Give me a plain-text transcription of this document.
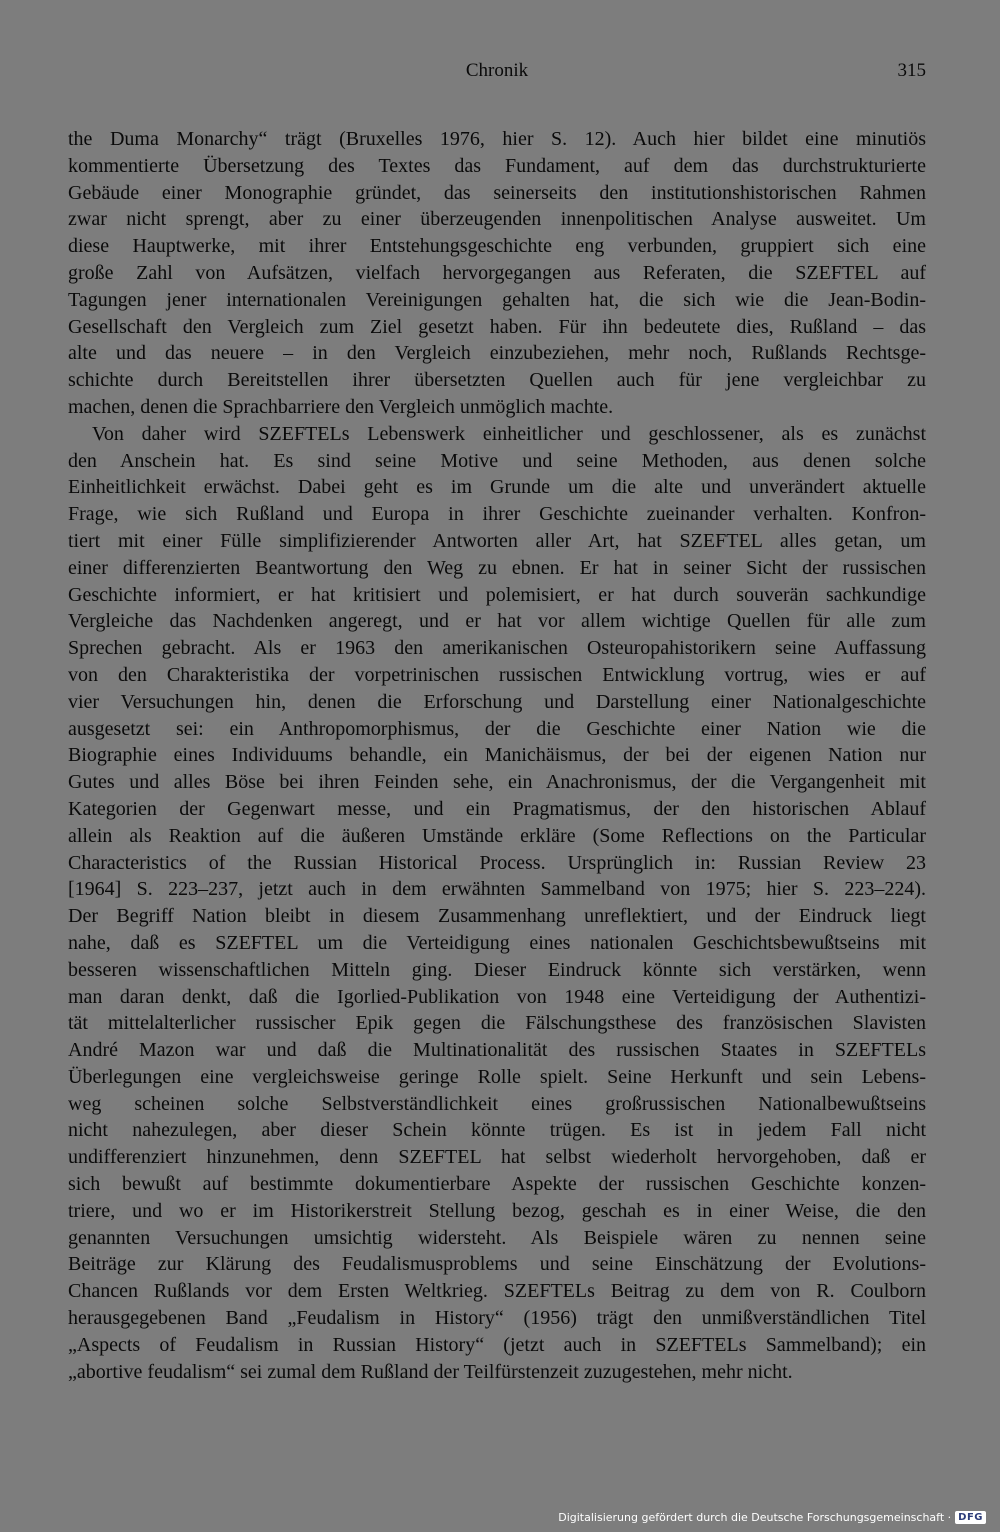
Chronik	315
the Duma Monarchy“ trägt (Bruxelles 1976, hier S. 12). Auch hier bildet eine minutiös
kommentierte Übersetzung des Textes das Fundament, auf dem das durchstrukturierte
Gebäude einer Monographie gründet, das seinerseits den institutionshistorischen Rahmen
zwar nicht sprengt, aber zu einer überzeugenden innenpolitischen Analyse ausweitet. Um
diese Hauptwerke, mit ihrer Entstehungsgeschichte eng verbunden, gruppiert sich eine
große Zahl von Aufsätzen, vielfach hervorgegangen aus Referaten, die SZEFTEL auf
Tagungen jener internationalen Vereinigungen gehalten hat, die sich wie die Jean-Bodin-
Gesellschaft den Vergleich zum Ziel gesetzt haben. Für ihn bedeutete dies, Rußland – das
alte und das neuere – in den Vergleich einzubeziehen, mehr noch, Rußlands Rechtsge-
schichte durch Bereitstellen ihrer übersetzten Quellen auch für jene vergleichbar zu
machen, denen die Sprachbarriere den Vergleich unmöglich machte.
Von daher wird SZEFTELs Lebenswerk einheitlicher und geschlossener, als es zunächst
den Anschein hat. Es sind seine Motive und seine Methoden, aus denen solche
Einheitlichkeit erwächst. Dabei geht es im Grunde um die alte und unverändert aktuelle
Frage, wie sich Rußland und Europa in ihrer Geschichte zueinander verhalten. Konfron-
tiert mit einer Fülle simplifizierender Antworten aller Art, hat SZEFTEL alles getan, um
einer differenzierten Beantwortung den Weg zu ebnen. Er hat in seiner Sicht der russischen
Geschichte informiert, er hat kritisiert und polemisiert, er hat durch souverän sachkundige
Vergleiche das Nachdenken angeregt, und er hat vor allem wichtige Quellen für alle zum
Sprechen gebracht. Als er 1963 den amerikanischen Osteuropahistorikern seine Auffassung
von den Charakteristika der vorpetrinischen russischen Entwicklung vortrug, wies er auf
vier Versuchungen hin, denen die Erforschung und Darstellung einer Nationalgeschichte
ausgesetzt sei: ein Anthropomorphismus, der die Geschichte einer Nation wie die
Biographie eines Individuums behandle, ein Manichäismus, der bei der eigenen Nation nur
Gutes und alles Böse bei ihren Feinden sehe, ein Anachronismus, der die Vergangenheit mit
Kategorien der Gegenwart messe, und ein Pragmatismus, der den historischen Ablauf
allein als Reaktion auf die äußeren Umstände erkläre (Some Reflections on the Particular
Characteristics of the Russian Historical Process. Ursprünglich in: Russian Review 23
[1964] S. 223–237, jetzt auch in dem erwähnten Sammelband von 1975; hier S. 223–224).
Der Begriff Nation bleibt in diesem Zusammenhang unreflektiert, und der Eindruck liegt
nahe, daß es SZEFTEL um die Verteidigung eines nationalen Geschichtsbewußtseins mit
besseren wissenschaftlichen Mitteln ging. Dieser Eindruck könnte sich verstärken, wenn
man daran denkt, daß die Igorlied-Publikation von 1948 eine Verteidigung der Authentizi-
tät mittelalterlicher russischer Epik gegen die Fälschungsthese des französischen Slavisten
André Mazon war und daß die Multinationalität des russischen Staates in SZEFTELs
Überlegungen eine vergleichsweise geringe Rolle spielt. Seine Herkunft und sein Lebens-
weg scheinen solche Selbstverständlichkeit eines großrussischen Nationalbewußtseins
nicht nahezulegen, aber dieser Schein könnte trügen. Es ist in jedem Fall nicht
undifferenziert hinzunehmen, denn SZEFTEL hat selbst wiederholt hervorgehoben, daß er
sich bewußt auf bestimmte dokumentierbare Aspekte der russischen Geschichte konzen-
triere, und wo er im Historikerstreit Stellung bezog, geschah es in einer Weise, die den
genannten Versuchungen umsichtig widersteht. Als Beispiele wären zu nennen seine
Beiträge zur Klärung des Feudalismusproblems und seine Einschätzung der Evolutions-
Chancen Rußlands vor dem Ersten Weltkrieg. SZEFTELs Beitrag zu dem von R. Coulborn
herausgegebenen Band „Feudalism in History“ (1956) trägt den unmißverständlichen Titel
„Aspects of Feudalism in Russian History“ (jetzt auch in SZEFTELs Sammelband); ein
„abortive feudalism“ sei zumal dem Rußland der Teilfürstenzeit zuzugestehen, mehr nicht.
Digitalisierung gefördert durch die Deutsche Forschungsgemeinschaft · DFG
